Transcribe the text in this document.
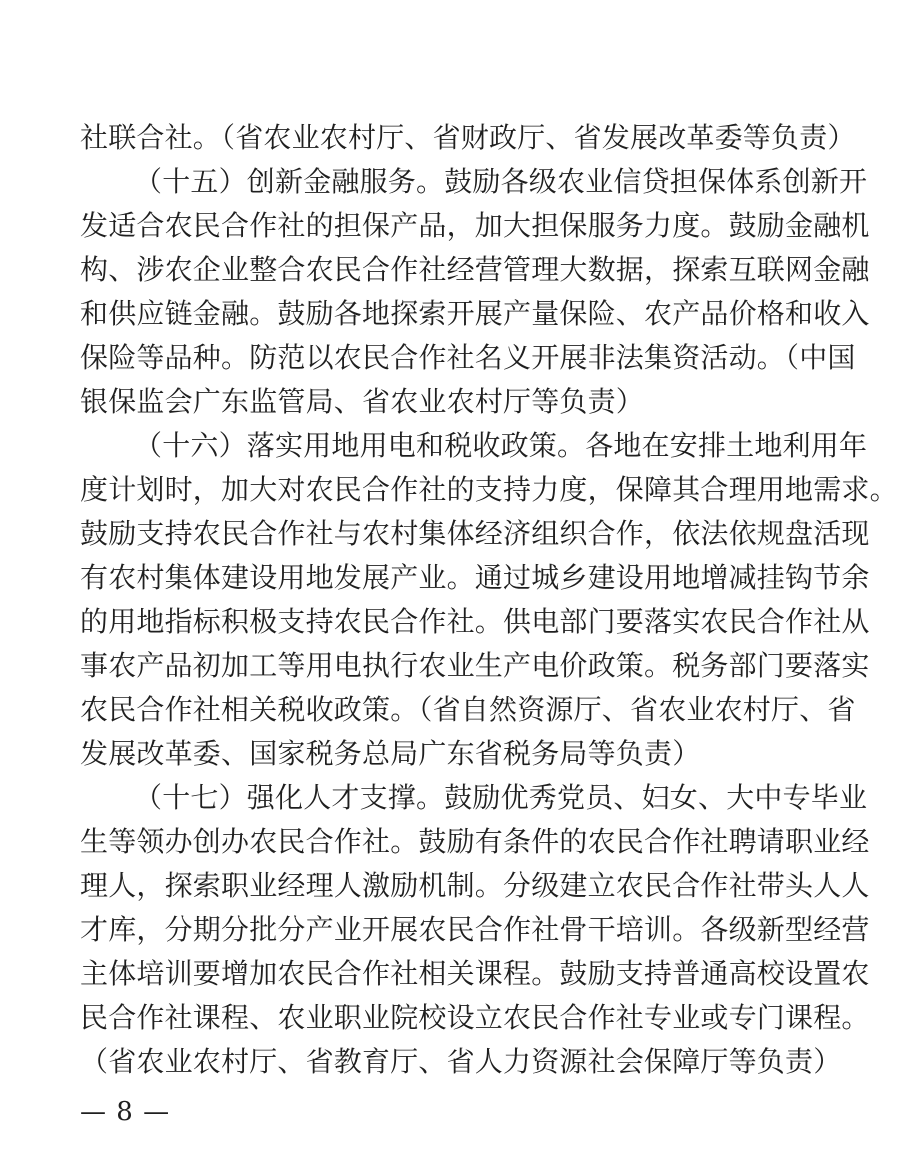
社联合社。（省农业农村厅、省财政厅、省发展改革委等负责）
（十五）创新金融服务。鼓励各级农业信贷担保体系创新开
发适合农民合作社的担保产品，加大担保服务力度。鼓励金融机
构、涉农企业整合农民合作社经营管理大数据，探索互联网金融
和供应链金融。鼓励各地探索开展产量保险、农产品价格和收入
保险等品种。防范以农民合作社名义开展非法集资活动。（中国
银保监会广东监管局、省农业农村厅等负责）
（十六）落实用地用电和税收政策。各地在安排土地利用年
度计划时，加大对农民合作社的支持力度，保障其合理用地需求。
鼓励支持农民合作社与农村集体经济组织合作，依法依规盘活现
有农村集体建设用地发展产业。通过城乡建设用地增减挂钩节余
的用地指标积极支持农民合作社。供电部门要落实农民合作社从
事农产品初加工等用电执行农业生产电价政策。税务部门要落实
农民合作社相关税收政策。（省自然资源厅、省农业农村厅、省
发展改革委、国家税务总局广东省税务局等负责）
（十七）强化人才支撑。鼓励优秀党员、妇女、大中专毕业
生等领办创办农民合作社。鼓励有条件的农民合作社聘请职业经
理人，探索职业经理人激励机制。分级建立农民合作社带头人人
— 8 —
才库，分期分批分产业开展农民合作社骨干培训。各级新型经营
主体培训要增加农民合作社相关课程。鼓励支持普通高校设置农
民合作社课程、农业职业院校设立农民合作社专业或专门课程。
（省农业农村厅、省教育厅、省人力资源社会保障厅等负责）
